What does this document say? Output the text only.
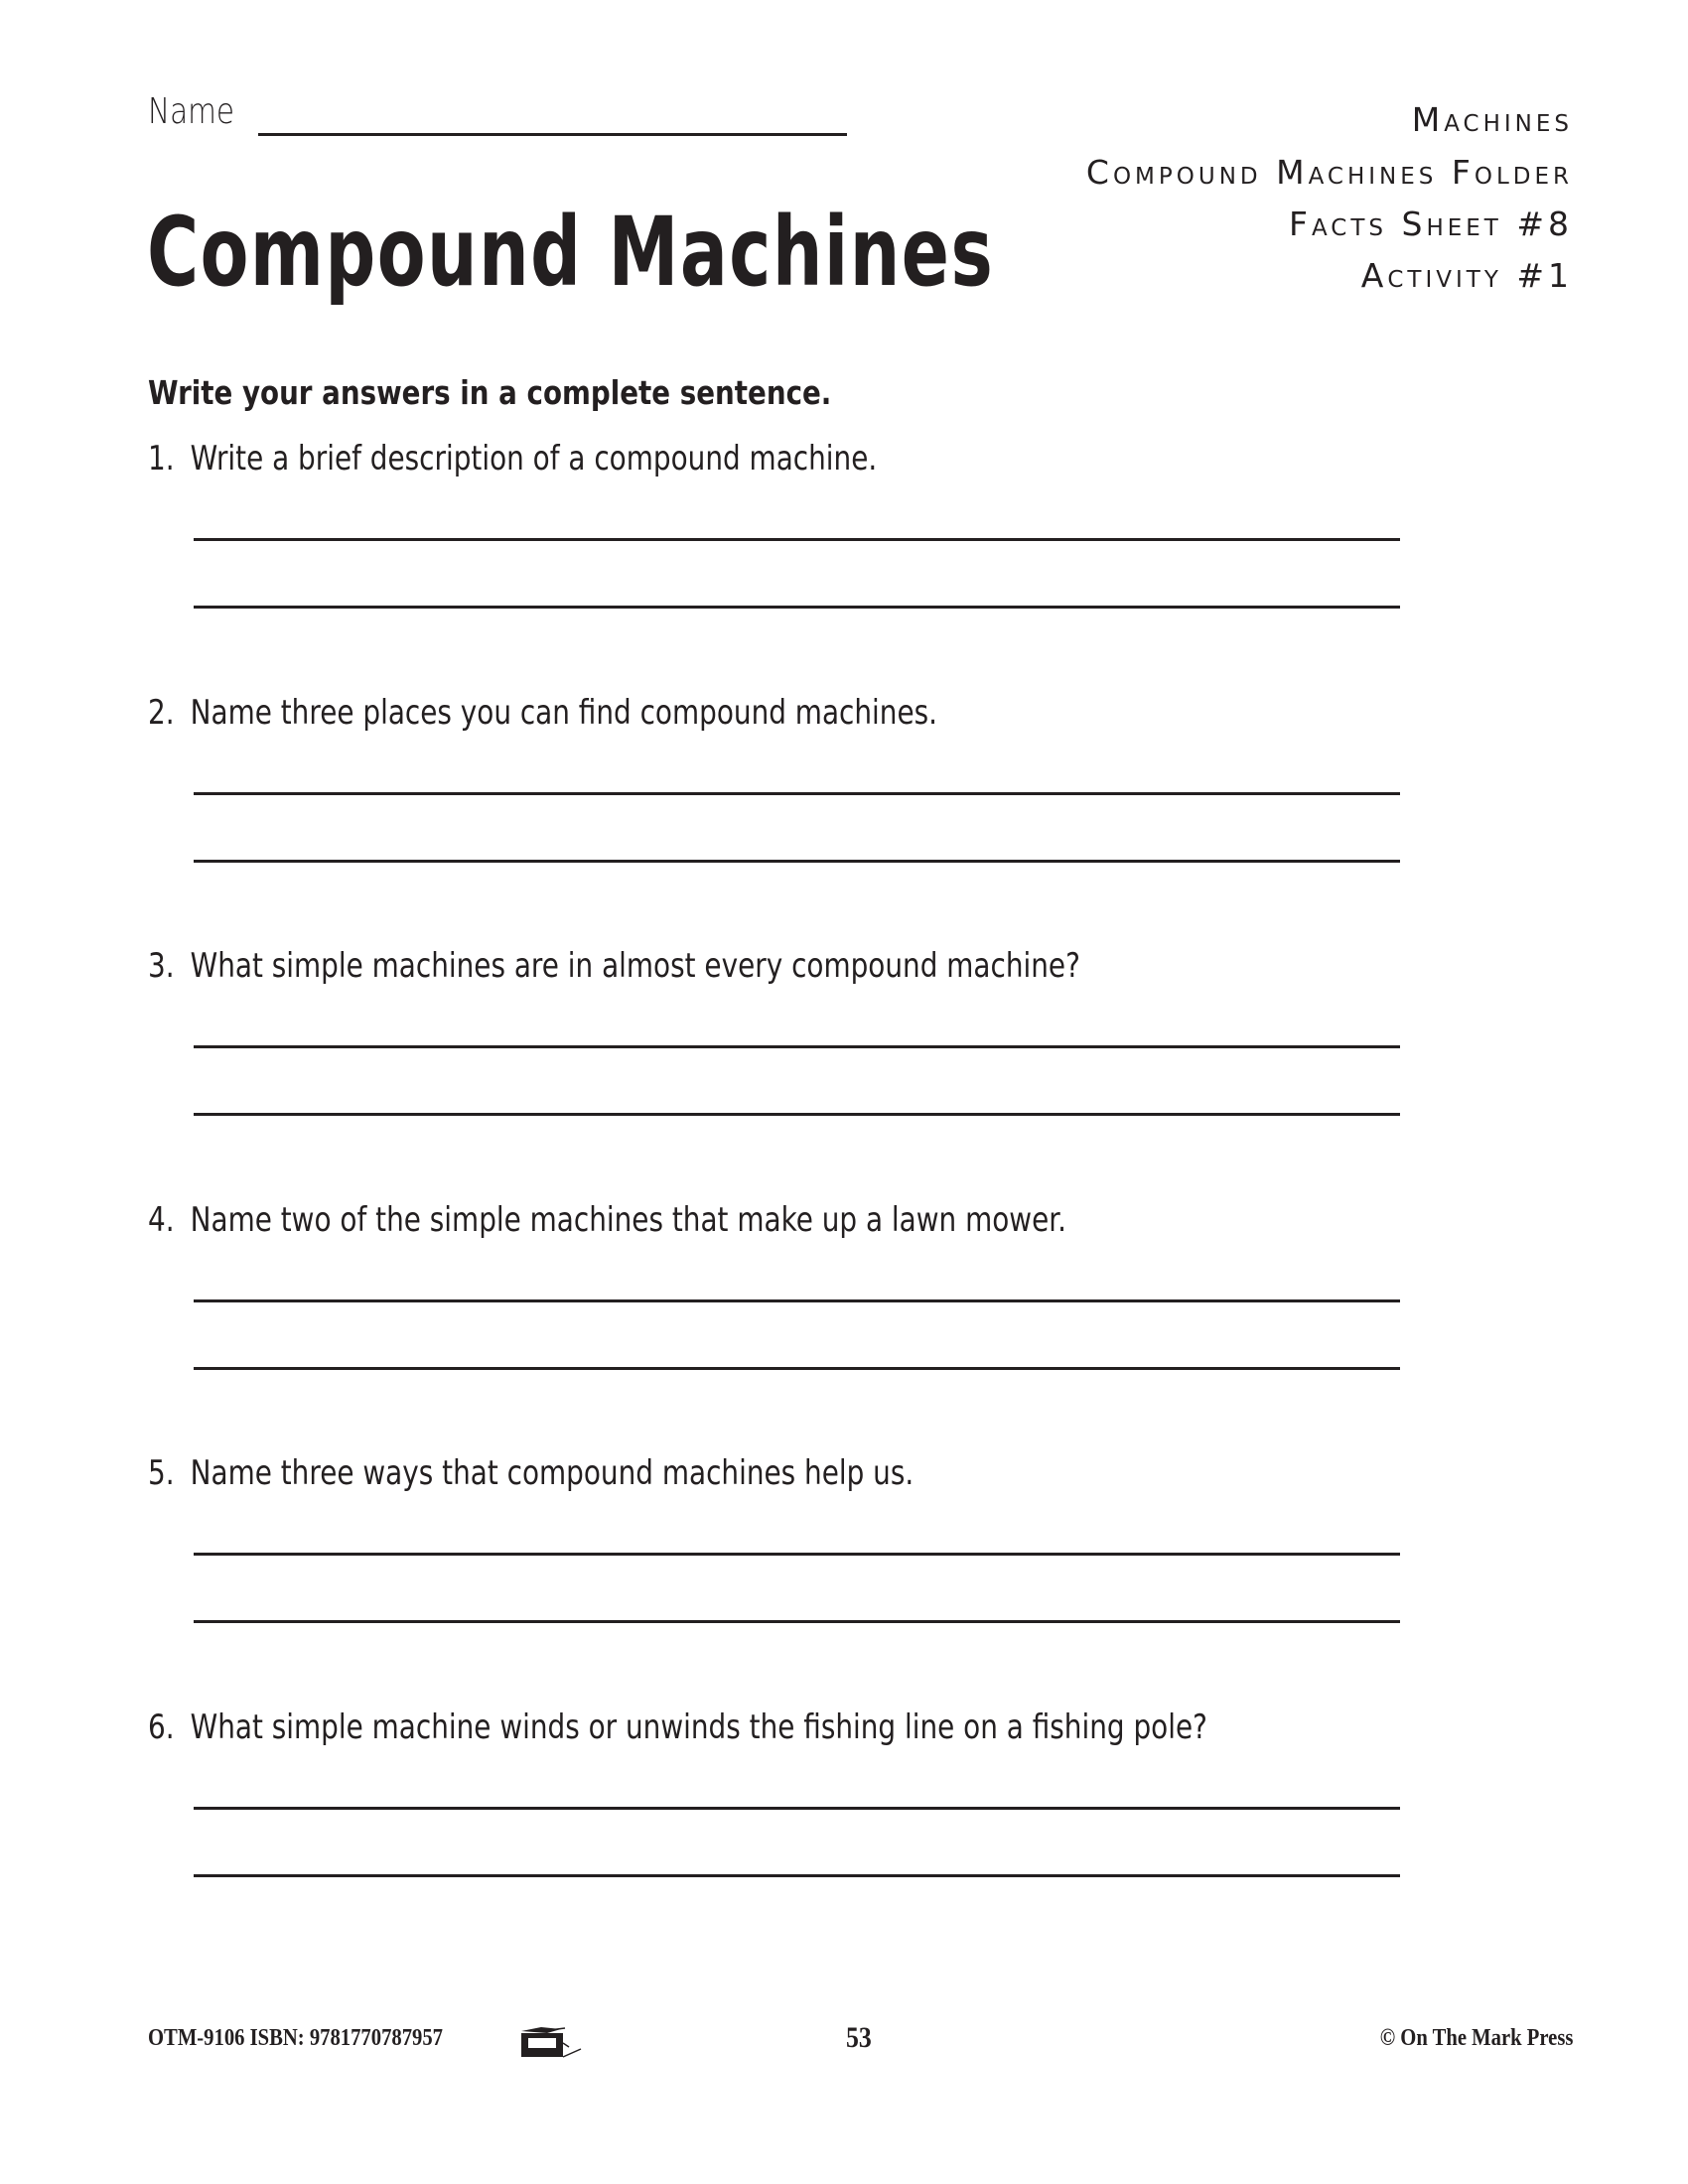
Name
Compound Machines
Machines
Compound Machines Folder
Facts Sheet #8
Activity #1
Write your answers in a complete sentence.
1. Write a brief description of a compound machine.
2. Name three places you can find compound machines.
3. What simple machines are in almost every compound machine?
4. Name two of the simple machines that make up a lawn mower.
5. Name three ways that compound machines help us.
6. What simple machine winds or unwinds the fishing line on a fishing pole?
OTM-9106 ISBN: 9781770787957	53	© On The Mark Press
